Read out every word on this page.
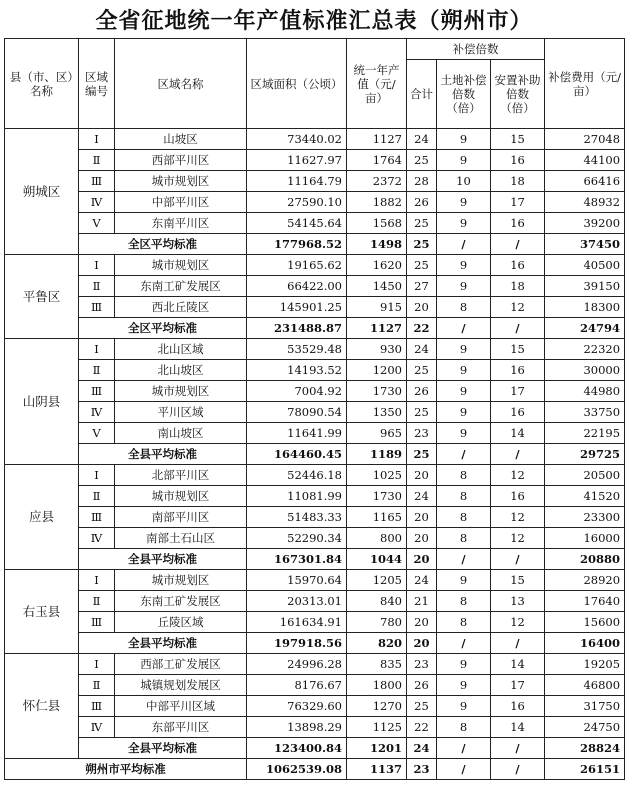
全省征地统一年产值标准汇总表（朔州市）
县（市、区）名称	区域编号	区域名称	区域面积（公顷）	统一年产值（元/亩）	补偿倍数			补偿费用（元/亩）
					合计	土地补偿倍数（倍）	安置补助倍数（倍）	
朔城区	Ⅰ	山坡区	73440.02	1127	24	9	15	27048
	Ⅱ	西部平川区	11627.97	1764	25	9	16	44100
	Ⅲ	城市规划区	11164.79	2372	28	10	18	66416
	Ⅳ	中部平川区	27590.10	1882	26	9	17	48932
	Ⅴ	东南平川区	54145.64	1568	25	9	16	39200
	全区平均标准		177968.52	1498	25	/	/	37450
平鲁区	Ⅰ	城市规划区	19165.62	1620	25	9	16	40500
	Ⅱ	东南工矿发展区	66422.00	1450	27	9	18	39150
	Ⅲ	西北丘陵区	145901.25	915	20	8	12	18300
	全区平均标准		231488.87	1127	22	/	/	24794
山阴县	Ⅰ	北山区域	53529.48	930	24	9	15	22320
	Ⅱ	北山坡区	14193.52	1200	25	9	16	30000
	Ⅲ	城市规划区	7004.92	1730	26	9	17	44980
	Ⅳ	平川区域	78090.54	1350	25	9	16	33750
	Ⅴ	南山坡区	11641.99	965	23	9	14	22195
	全县平均标准		164460.45	1189	25	/	/	29725
应县	Ⅰ	北部平川区	52446.18	1025	20	8	12	20500
	Ⅱ	城市规划区	11081.99	1730	24	8	16	41520
	Ⅲ	南部平川区	51483.33	1165	20	8	12	23300
	Ⅳ	南部土石山区	52290.34	800	20	8	12	16000
	全县平均标准		167301.84	1044	20	/	/	20880
右玉县	Ⅰ	城市规划区	15970.64	1205	24	9	15	28920
	Ⅱ	东南工矿发展区	20313.01	840	21	8	13	17640
	Ⅲ	丘陵区域	161634.91	780	20	8	12	15600
	全县平均标准		197918.56	820	20	/	/	16400
怀仁县	Ⅰ	西部工矿发展区	24996.28	835	23	9	14	19205
	Ⅱ	城镇规划发展区	8176.67	1800	26	9	17	46800
	Ⅲ	中部平川区域	76329.60	1270	25	9	16	31750
	Ⅳ	东部平川区	13898.29	1125	22	8	14	24750
	全县平均标准		123400.84	1201	24	/	/	28824
朔州市平均标准			1062539.08	1137	23	/	/	26151
